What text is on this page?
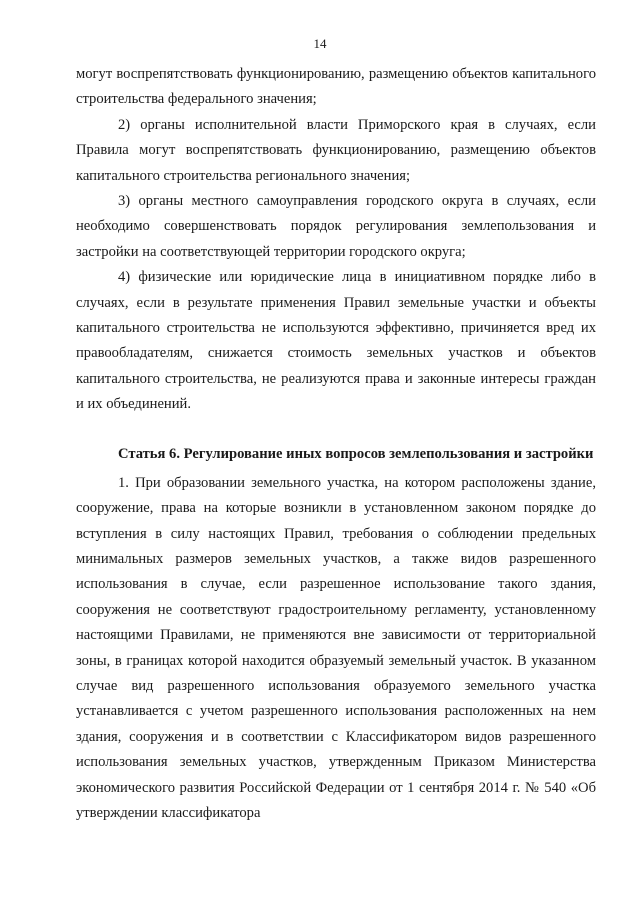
14

могут воспрепятствовать функционированию, размещению объектов капитального строительства федерального значения;

2) органы исполнительной власти Приморского края в случаях, если Правила могут воспрепятствовать функционированию, размещению объектов капитального строительства регионального значения;

3) органы местного самоуправления городского округа в случаях, если необходимо совершенствовать порядок регулирования землепользования и застройки на соответствующей территории городского округа;

4) физические или юридические лица в инициативном порядке либо в случаях, если в результате применения Правил земельные участки и объекты капитального строительства не используются эффективно, причиняется вред их правообладателям, снижается стоимость земельных участков и объектов капитального строительства, не реализуются права и законные интересы граждан и их объединений.

Статья 6. Регулирование иных вопросов землепользования и застройки

1. При образовании земельного участка, на котором расположены здание, сооружение, права на которые возникли в установленном законом порядке до вступления в силу настоящих Правил, требования о соблюдении предельных минимальных размеров земельных участков, а также видов разрешенного использования в случае, если разрешенное использование такого здания, сооружения не соответствуют градостроительному регламенту, установленному настоящими Правилами, не применяются вне зависимости от территориальной зоны, в границах которой находится образуемый земельный участок. В указанном случае вид разрешенного использования образуемого земельного участка устанавливается с учетом разрешенного использования расположенных на нем здания, сооружения и в соответствии с Классификатором видов разрешенного использования земельных участков, утвержденным Приказом Министерства экономического развития Российской Федерации от 1 сентября 2014 г. № 540 «Об утверждении классификатора
